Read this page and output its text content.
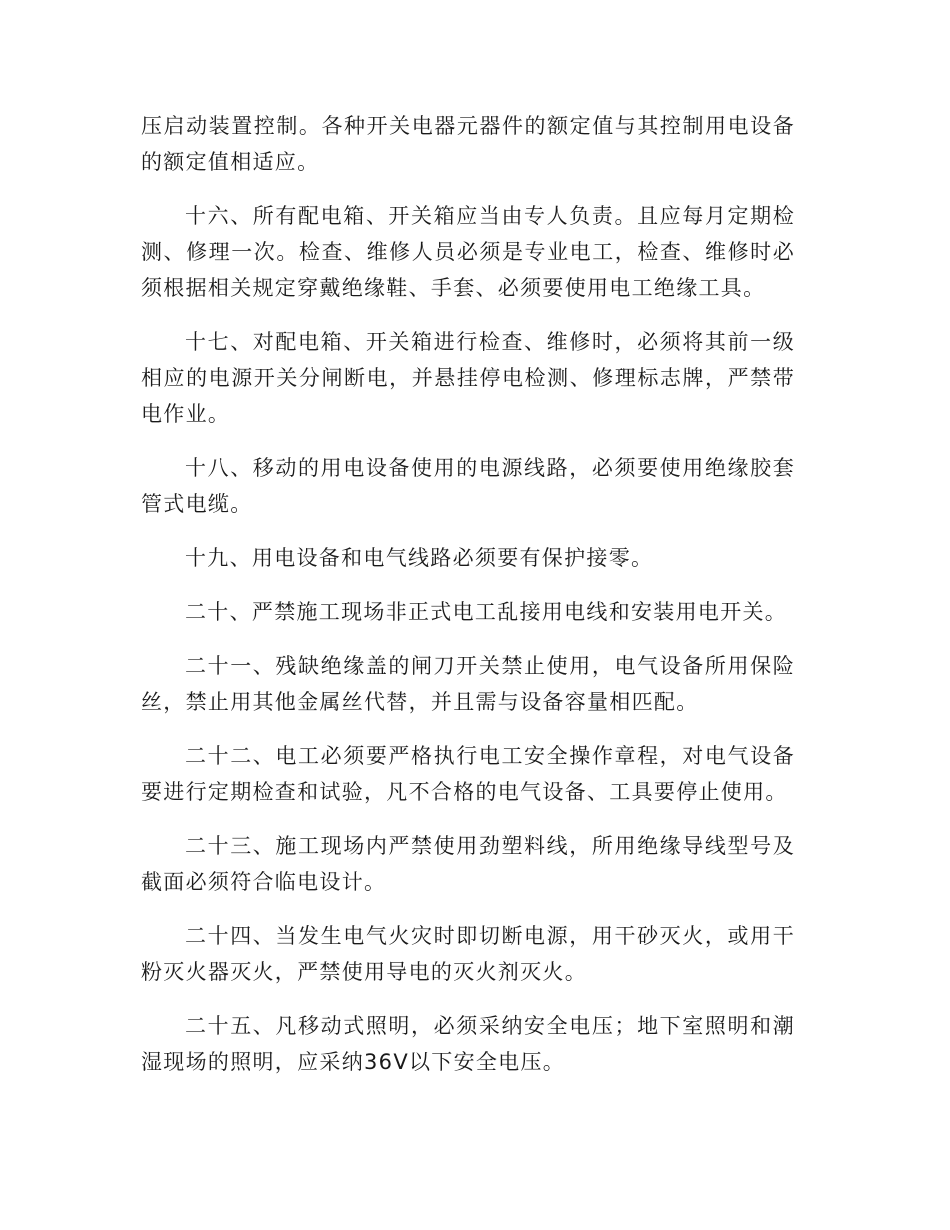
压启动装置控制。各种开关电器元器件的额定值与其控制用电设备的额定值相适应。

十六、所有配电箱、开关箱应当由专人负责。且应每月定期检测、修理一次。检查、维修人员必须是专业电工，检查、维修时必须根据相关规定穿戴绝缘鞋、手套、必须要使用电工绝缘工具。

十七、对配电箱、开关箱进行检查、维修时，必须将其前一级相应的电源开关分闸断电，并悬挂停电检测、修理标志牌，严禁带电作业。

十八、移动的用电设备使用的电源线路，必须要使用绝缘胶套管式电缆。

十九、用电设备和电气线路必须要有保护接零。

二十、严禁施工现场非正式电工乱接用电线和安装用电开关。

二十一、残缺绝缘盖的闸刀开关禁止使用，电气设备所用保险丝，禁止用其他金属丝代替，并且需与设备容量相匹配。

二十二、电工必须要严格执行电工安全操作章程，对电气设备要进行定期检查和试验，凡不合格的电气设备、工具要停止使用。

二十三、施工现场内严禁使用劲塑料线，所用绝缘导线型号及截面必须符合临电设计。

二十四、当发生电气火灾时即切断电源，用干砂灭火，或用干粉灭火器灭火，严禁使用导电的灭火剂灭火。

二十五、凡移动式照明，必须采纳安全电压；地下室照明和潮湿现场的照明，应采纳36V以下安全电压。
